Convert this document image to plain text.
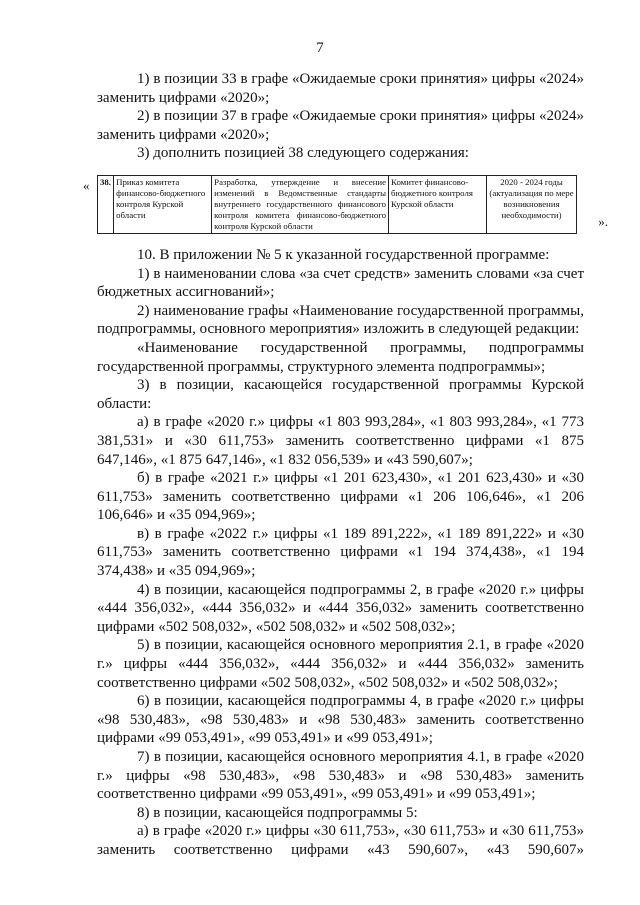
7

1) в позиции 33 в графе «Ожидаемые сроки принятия» цифры «2024» заменить цифрами «2020»;

2) в позиции 37 в графе «Ожидаемые сроки принятия» цифры «2024» заменить цифрами «2020»;

3) дополнить позицией 38 следующего содержания:

« 38.	Приказ комитета финансово-бюджетного контроля Курской области	Разработка, утверждение и внесение изменений в Ведомственные стандарты внутреннего государственного финансового контроля комитета финансово-бюджетного контроля Курской области	Комитет финансово-бюджетного контроля Курской области	2020 - 2024 годы (актуализация по мере возникновения необходимости)	».

10. В приложении № 5 к указанной государственной программе:

1) в наименовании слова «за счет средств» заменить словами «за счет бюджетных ассигнований»;

2) наименование графы «Наименование государственной программы, подпрограммы, основного мероприятия» изложить в следующей редакции:

«Наименование государственной программы, подпрограммы государственной программы, структурного элемента подпрограммы»;

3) в позиции, касающейся государственной программы Курской области:

а) в графе «2020 г.» цифры «1 803 993,284», «1 803 993,284», «1 773 381,531» и «30 611,753» заменить соответственно цифрами «1 875 647,146», «1 875 647,146», «1 832 056,539» и «43 590,607»;

б) в графе «2021 г.» цифры «1 201 623,430», «1 201 623,430» и «30 611,753» заменить соответственно цифрами «1 206 106,646», «1 206 106,646» и «35 094,969»;

в) в графе «2022 г.» цифры «1 189 891,222», «1 189 891,222» и «30 611,753» заменить соответственно цифрами «1 194 374,438», «1 194 374,438» и «35 094,969»;

4) в позиции, касающейся подпрограммы 2, в графе «2020 г.» цифры «444 356,032», «444 356,032» и «444 356,032» заменить соответственно цифрами «502 508,032», «502 508,032» и «502 508,032»;

5) в позиции, касающейся основного мероприятия 2.1, в графе «2020 г.» цифры «444 356,032», «444 356,032» и «444 356,032» заменить соответственно цифрами «502 508,032», «502 508,032» и «502 508,032»;

6) в позиции, касающейся подпрограммы 4, в графе «2020 г.» цифры «98 530,483», «98 530,483» и «98 530,483» заменить соответственно цифрами «99 053,491», «99 053,491» и «99 053,491»;

7) в позиции, касающейся основного мероприятия 4.1, в графе «2020 г.» цифры «98 530,483», «98 530,483» и «98 530,483» заменить соответственно цифрами «99 053,491», «99 053,491» и «99 053,491»;

8) в позиции, касающейся подпрограммы 5:

а) в графе «2020 г.» цифры «30 611,753», «30 611,753» и «30 611,753» заменить соответственно цифрами «43 590,607», «43 590,607»
